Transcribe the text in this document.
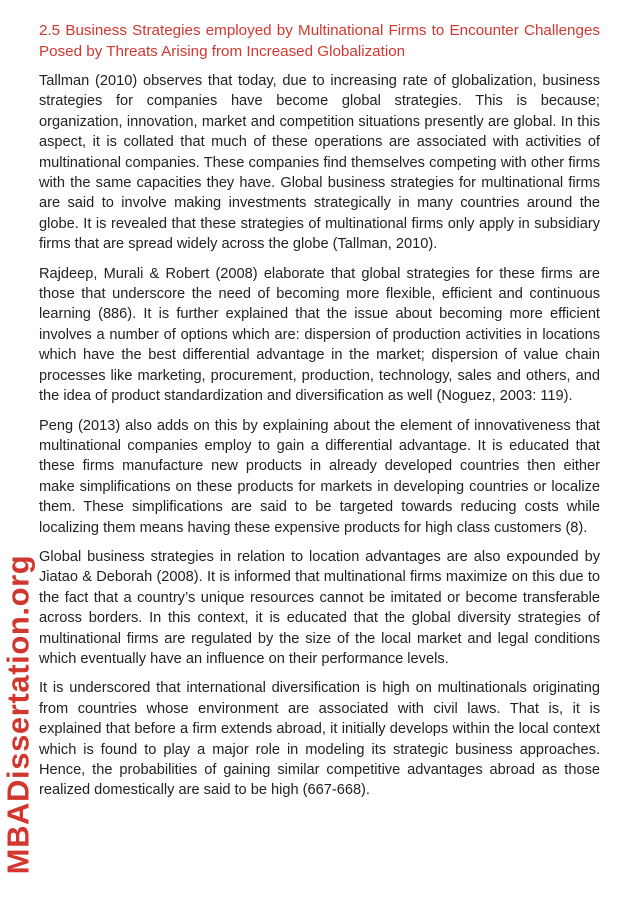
2.5 Business Strategies employed by Multinational Firms to Encounter Challenges Posed by Threats Arising from Increased Globalization

Tallman (2010) observes that today, due to increasing rate of globalization, business strategies for companies have become global strategies. This is because; organization, innovation, market and competition situations presently are global. In this aspect, it is collated that much of these operations are associated with activities of multinational companies. These companies find themselves competing with other firms with the same capacities they have. Global business strategies for multinational firms are said to involve making investments strategically in many countries around the globe. It is revealed that these strategies of multinational firms only apply in subsidiary firms that are spread widely across the globe (Tallman, 2010).

Rajdeep, Murali & Robert (2008) elaborate that global strategies for these firms are those that underscore the need of becoming more flexible, efficient and continuous learning (886). It is further explained that the issue about becoming more efficient involves a number of options which are: dispersion of production activities in locations which have the best differential advantage in the market; dispersion of value chain processes like marketing, procurement, production, technology, sales and others, and the idea of product standardization and diversification as well (Noguez, 2003: 119).

Peng (2013) also adds on this by explaining about the element of innovativeness that multinational companies employ to gain a differential advantage. It is educated that these firms manufacture new products in already developed countries then either make simplifications on these products for markets in developing countries or localize them. These simplifications are said to be targeted towards reducing costs while localizing them means having these expensive products for high class customers (8).

Global business strategies in relation to location advantages are also expounded by Jiatao & Deborah (2008). It is informed that multinational firms maximize on this due to the fact that a country’s unique resources cannot be imitated or become transferable across borders. In this context, it is educated that the global diversity strategies of multinational firms are regulated by the size of the local market and legal conditions which eventually have an influence on their performance levels.

It is underscored that international diversification is high on multinationals originating from countries whose environment are associated with civil laws. That is, it is explained that before a firm extends abroad, it initially develops within the local context which is found to play a major role in modeling its strategic business approaches. Hence, the probabilities of gaining similar competitive advantages abroad as those realized domestically are said to be high (667-668).

MBADissertation.org
